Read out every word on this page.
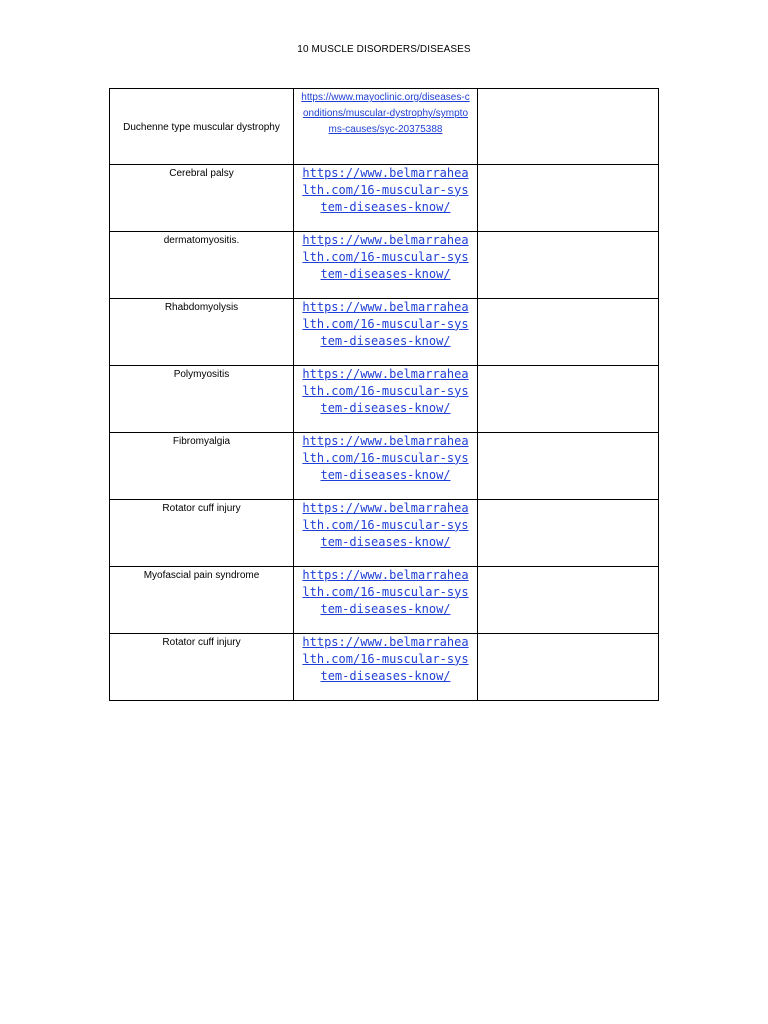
10 MUSCLE DISORDERS/DISEASES
Duchenne type muscular dystrophy	https://www.mayoclinic.org/diseases-conditions/muscular-dystrophy/symptoms-causes/syc-20375388	

Cerebral palsy	https://www.belmarrahealth.com/16-muscular-system-diseases-know/	

dermatomyositis.	https://www.belmarrahealth.com/16-muscular-system-diseases-know/	

Rhabdomyolysis	https://www.belmarrahealth.com/16-muscular-system-diseases-know/	

Polymyositis	https://www.belmarrahealth.com/16-muscular-system-diseases-know/	

Fibromyalgia	https://www.belmarrahealth.com/16-muscular-system-diseases-know/	

Rotator cuff injury	https://www.belmarrahealth.com/16-muscular-system-diseases-know/	

Myofascial pain syndrome	https://www.belmarrahealth.com/16-muscular-system-diseases-know/	

Rotator cuff injury	https://www.belmarrahealth.com/16-muscular-system-diseases-know/	
